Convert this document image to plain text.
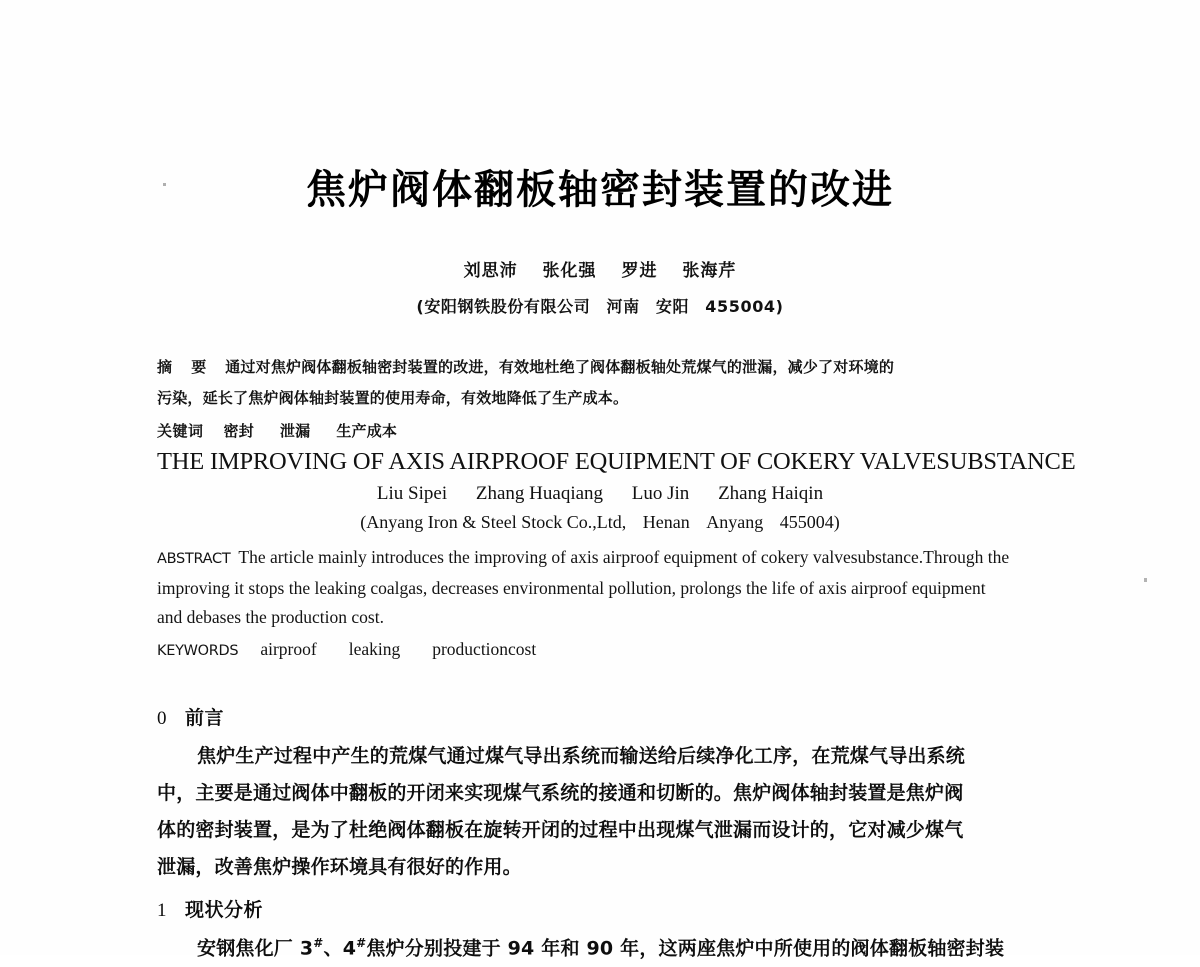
焦炉阀体翻板轴密封装置的改进
刘思沛 张化强 罗进 张海芹
(安阳钢铁股份有限公司 河南 安阳 455004)
摘 要 通过对焦炉阀体翻板轴密封装置的改进，有效地杜绝了阀体翻板轴处荒煤气的泄漏，减少了对环境的
污染，延长了焦炉阀体轴封装置的使用寿命，有效地降低了生产成本。
关键词 密封 泄漏 生产成本
THE IMPROVING OF AXIS AIRPROOF EQUIPMENT OF COKERY VALVESUBSTANCE
Liu Sipei Zhang Huaqiang Luo Jin Zhang Haiqin
(Anyang Iron & Steel Stock Co.,Ltd, Henan Anyang 455004)
ABSTRACT The article mainly introduces the improving of axis airproof equipment of cokery valvesubstance.Through the
improving it stops the leaking coalgas, decreases environmental pollution, prolongs the life of axis airproof equipment
and debases the production cost.
KEYWORDS airproof leaking productioncost
0 前言
焦炉生产过程中产生的荒煤气通过煤气导出系统而输送给后续净化工序，在荒煤气导出系统
中，主要是通过阀体中翻板的开闭来实现煤气系统的接通和切断的。焦炉阀体轴封装置是焦炉阀
体的密封装置，是为了杜绝阀体翻板在旋转开闭的过程中出现煤气泄漏而设计的，它对减少煤气
泄漏，改善焦炉操作环境具有很好的作用。
1 现状分析
安钢焦化厂 3#、4#焦炉分别投建于 94 年和 90 年，这两座焦炉中所使用的阀体翻板轴密封装
